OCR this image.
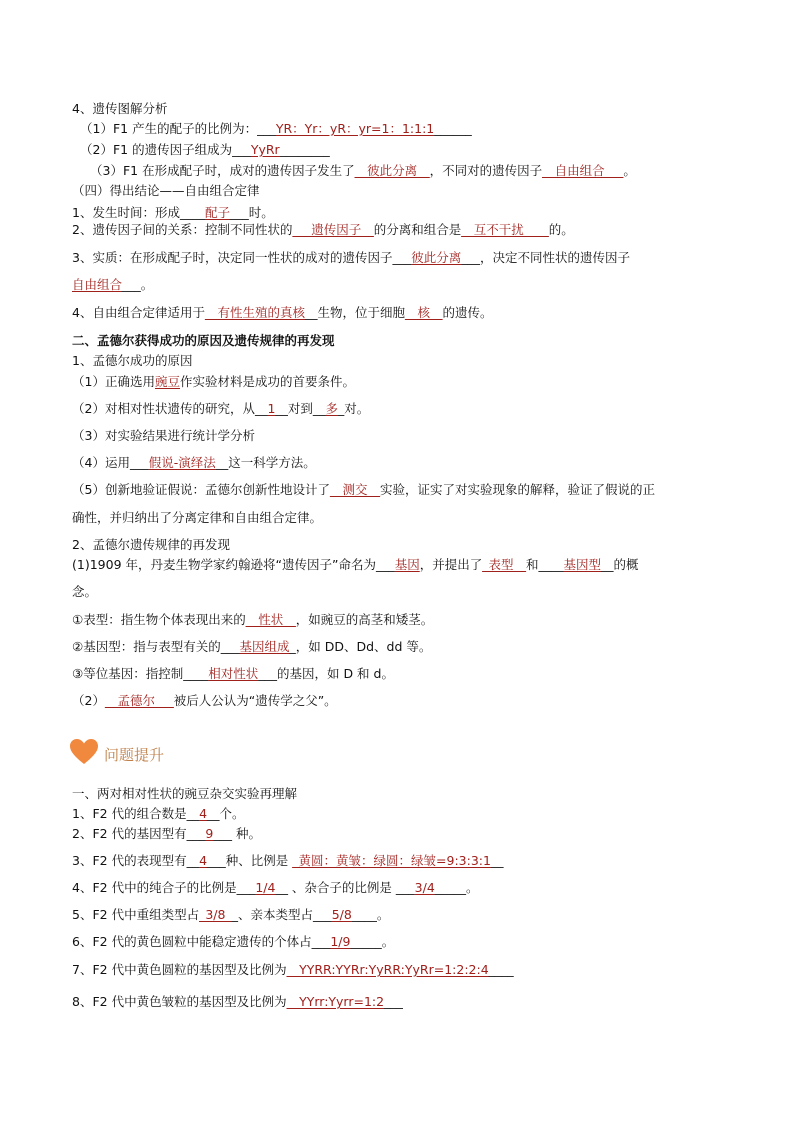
4、遗传图解分析
（1）F1 产生的配子的比例为：___YR：Yr：yR：yr=1：1:1:1______
（2）F1 的遗传因子组成为___YyRr________
（3）F1 在形成配子时，成对的遗传因子发生了__彼此分离__，不同对的遗传因子__自由组合___。
（四）得出结论——自由组合定律
1、发生时间：形成____配子___时。
2、遗传因子间的关系：控制不同性状的___遗传因子__的分离和组合是__互不干扰____的。
3、实质：在形成配子时，决定同一性状的成对的遗传因子___彼此分离___，决定不同性状的遗传因子
自由组合___。
4、自由组合定律适用于__有性生殖的真核__生物，位于细胞__核__的遗传。
二、孟德尔获得成功的原因及遗传规律的再发现
1、孟德尔成功的原因
（1）正确选用豌豆作实验材料是成功的首要条件。
（2）对相对性状遗传的研究，从__1__对到__多_对。
（3）对实验结果进行统计学分析
（4）运用___假说-演绎法__这一科学方法。
（5）创新地验证假说：孟德尔创新性地设计了__测交__实验，证实了对实验现象的解释，验证了假说的正
确性，并归纳出了分离定律和自由组合定律。
2、孟德尔遗传规律的再发现
(1)1909 年，丹麦生物学家约翰逊将“遗传因子”命名为___基因，并提出了_表型__和____基因型__的概
念。
①表型：指生物个体表现出来的__性状__，如豌豆的高茎和矮茎。
②基因型：指与表型有关的___基因组成_，如 DD、Dd、dd 等。
③等位基因：指控制____相对性状___的基因，如 D 和 d。
（2）__孟德尔___被后人公认为“遗传学之父”。
一、两对相对性状的豌豆杂交实验再理解
1、F2 代的组合数是__4__个。
2、F2 代的基因型有___9___ 种。
3、F2 代的表现型有__4___种、比例是 _黄圆：黄皱：绿圆：绿皱=9:3:3:1__
4、F2 代中的纯合子的比例是___1/4__ 、杂合子的比例是 ___3/4_____。
5、F2 代中重组类型占_3/8__、亲本类型占___5/8____。
6、F2 代的黄色圆粒中能稳定遗传的个体占___1/9_____。
7、F2 代中黄色圆粒的基因型及比例为__YYRR:YYRr:YyRR:YyRr=1:2:2:4____
8、F2 代中黄色皱粒的基因型及比例为__YYrr:Yyrr=1:2___
问题提升
